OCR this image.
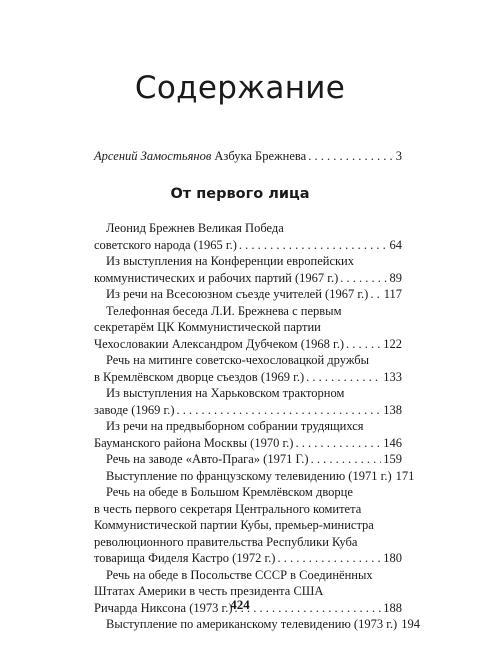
Содержание
Арсений Замостьянов
Азбука Брежнева . . .	3
От первого лица
Леонид Брежнев Великая Победа
советского народа (1965 г.) . . .	64
Из выступления на Конференции европейских
коммунистических и рабочих партий (1967 г.) . . .	89
Из речи на Всесоюзном съезде учителей (1967 г.) . . . 117
Телефонная беседа Л.И. Брежнева с первым
секретарём ЦК Коммунистической партии
Чехословакии Александром Дубчеком (1968 г.) . . .	122
Речь на митинге советско-чехословацкой дружбы
в Кремлёвском дворце съездов (1969 г.) . . .	133
Из выступления на Харьковском тракторном
заводе (1969 г.) . . .	138
Из речи на предвыборном собрании трудящихся
Бауманского района Москвы (1970 г.) . . .	146
Речь на заводе «Авто-Прага» (1971 Г.) . . .	159
Выступление по французскому телевидению (1971 г.) 171
Речь на обеде в Большом Кремлёвском дворце
в честь первого секретаря Центрального комитета
Коммунистической партии Кубы, премьер-министра
революционного правительства Республики Куба
товарища Фиделя Кастро (1972 г.) . . .	180
Речь на обеде в Посольстве СССР в Соединённых
Штатах Америки в честь президента США
Ричарда Никсона (1973 г.) . . .	188
Выступление по американскому телевидению (1973 г.) 194
424
